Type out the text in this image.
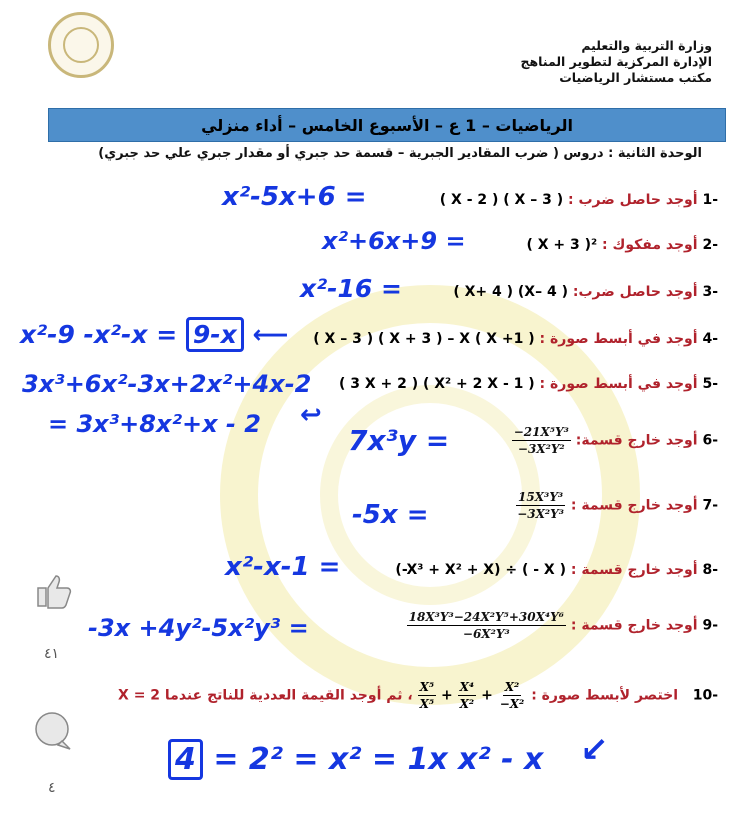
وزارة التربية والتعليم
الإدارة المركزية لتطوير المناهج
مكتب مستشار الرياضيات
الرياضيات – 1 ع – الأسبوع الخامس – أداء منزلي
الوحدة الثانية : دروس ( ضرب المقادير الجبرية – قسمة حد جبري أو مقدار جبري علي حد جبري)
-1 أوجد حاصل ضرب : ( X - 2 ) ( X – 3 )
x²-5x+6 =
-2 أوجد مفكوك : ( X + 3 )²
x²+6x+9 =
-3 أوجد حاصل ضرب: ( X+ 4 ) (X– 4 )
x²-16 =
-4 أوجد في أبسط صورة : ( X – 3 ) ( X + 3 ) – X ( X +1 )
x²-9 -x²-x = 9-x ⟵
-5 أوجد في أبسط صورة : ( 3 X + 2 ) ( X² + 2 X - 1 )
3x³+6x²-3x+2x²+4x-2
= 3x³+8x²+x - 2 ↩
-6 أوجد خارج قسمة:
$\frac{\text{−21X⁵Y³}}{\text{−3X²Y²}}$
7x³y =
-7 أوجد خارج قسمة :
$\frac{\text{15X³Y³}}{\text{−3X²Y³}}$
-5x =
-8 أوجد خارج قسمة : (-X³ + X² + X) ÷ ( - X )
x²-x-1 =
-9 أوجد خارج قسمة :
$\frac{\text{18X³Y³−24X²Y⁵+30X⁴Y⁶}}{\text{−6X²Y³}}$
-3x +4y²-5x²y³ =
-10   اختصر لأبسط صورة :
$\frac{\text{X⁵}}{\text{X⁵}} + \frac{\text{X⁴}}{\text{X²}} + \frac{\text{X²}}{\text{−X²}}$
، ثم أوجد القيمة العددية للناتج عندما X = 2
4 = 2² = x² = 1x x² - x ↙
٤١
٤
